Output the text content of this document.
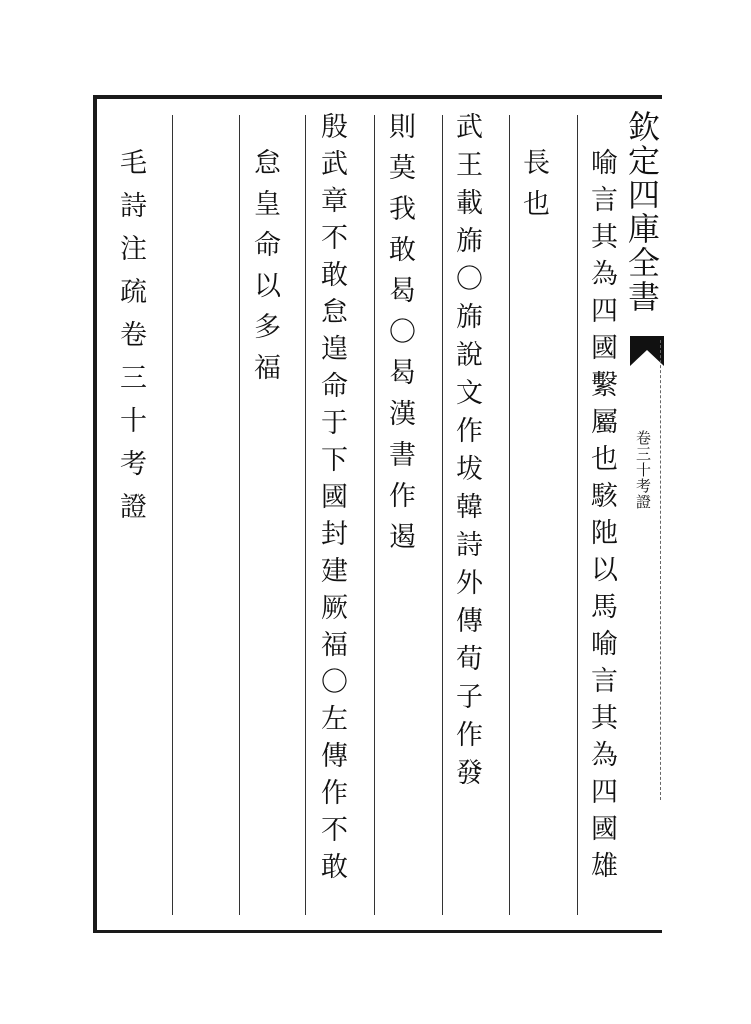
欽定四庫全書
卷三十考證
喻言其為四國繫屬也駭阤以馬喻言其為四國雄
長也
武王載旆〇旆說文作坺韓詩外傳荀子作發
則莫我敢曷〇曷漢書作遏
殷武章不敢怠遑命于下國封建厥福〇左傳作不敢
怠皇命以多福
毛詩注疏卷三十考證
